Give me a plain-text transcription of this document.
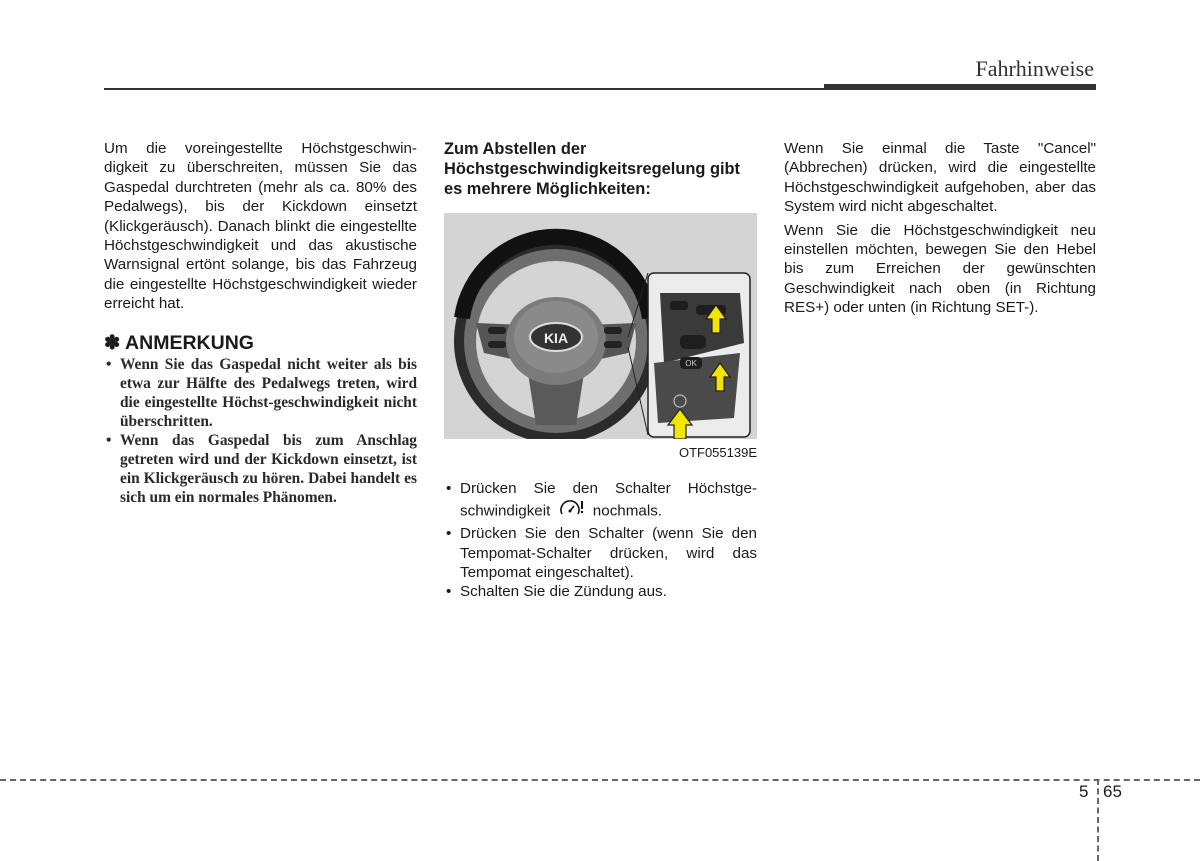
Fahrhinweise
Um die voreingestellte Höchstgeschwin-digkeit zu überschreiten, müssen Sie das Gaspedal durchtreten (mehr als ca. 80% des Pedalwegs), bis der Kickdown einsetzt (Klickgeräusch). Danach blinkt die eingestellte Höchstgeschwindigkeit und das akustische Warnsignal ertönt solange, bis das Fahrzeug die eingestellte Höchstgeschwindigkeit wieder erreicht hat.
✽ ANMERKUNG
• Wenn Sie das Gaspedal nicht weiter als bis etwa zur Hälfte des Pedalwegs treten, wird die eingestellte Höchst-geschwindigkeit nicht überschritten.
• Wenn das Gaspedal bis zum Anschlag getreten wird und der Kickdown einsetzt, ist ein Klickgeräusch zu hören. Dabei handelt es sich um ein normales Phänomen.
Zum Abstellen der Höchstgeschwindigkeitsregelung gibt es mehrere Möglichkeiten:
KIA
OK
OTF055139E
• Drücken Sie den Schalter Höchstge-schwindigkeit	nochmals.
• Drücken Sie den Schalter (wenn Sie den Tempomat-Schalter drücken, wird das Tempomat eingeschaltet).
• Schalten Sie die Zündung aus.

Wenn Sie einmal die Taste "Cancel" (Abbrechen) drücken, wird die eingestellte Höchstgeschwindigkeit aufgehoben, aber das System wird nicht abgeschaltet.

Wenn Sie die Höchstgeschwindigkeit neu einstellen möchten, bewegen Sie den Hebel bis zum Erreichen der gewünschten Geschwindigkeit nach oben (in Richtung RES+) oder unten (in Richtung SET-).

5 65
